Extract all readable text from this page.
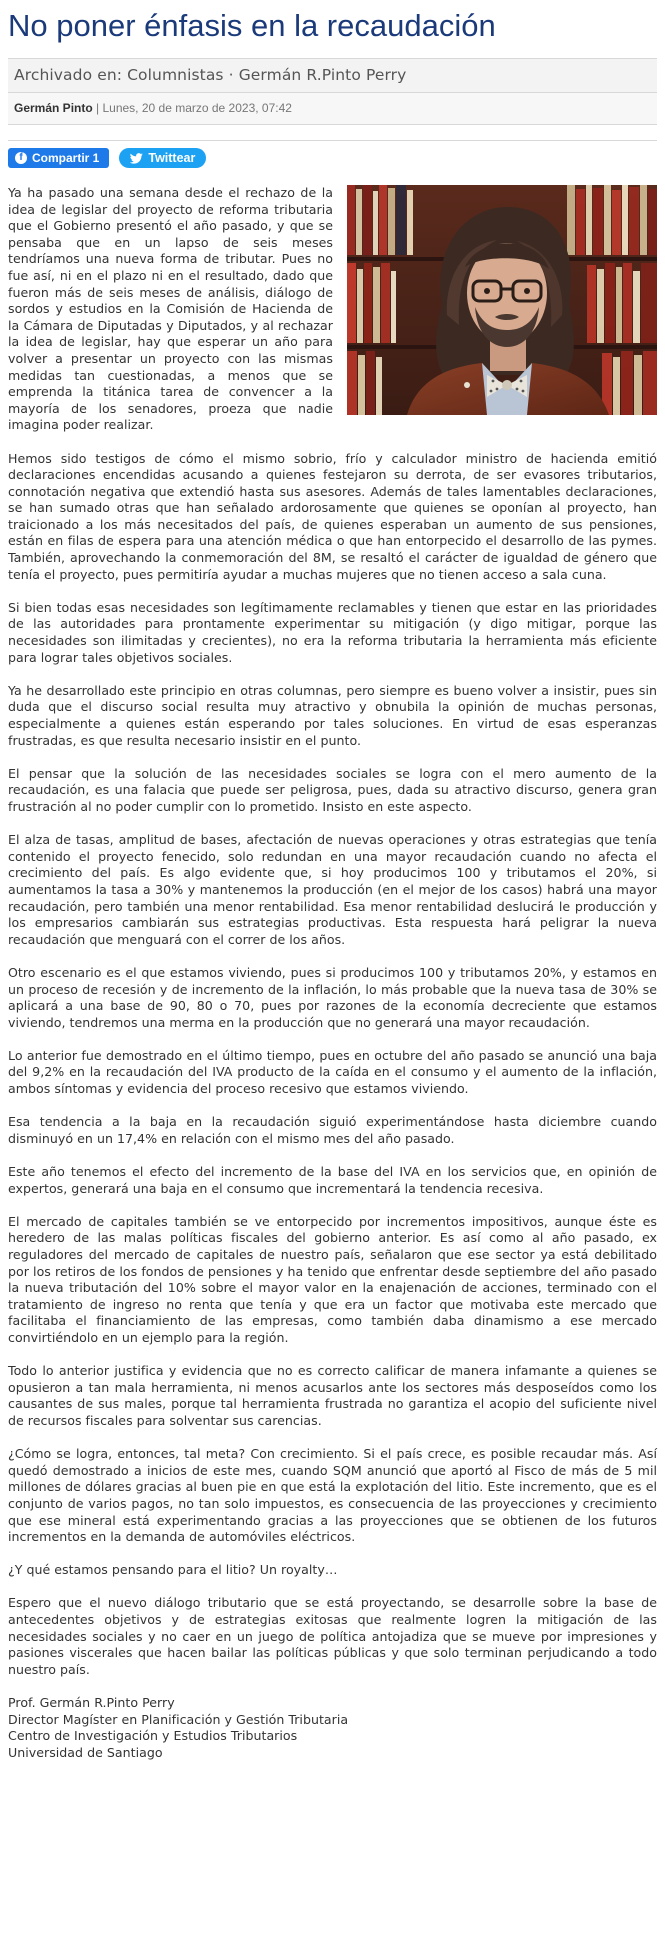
No poner énfasis en la recaudación
Archivado en: Columnistas · Germán R.Pinto Perry
Germán Pinto | Lunes, 20 de marzo de 2023, 07:42
f Compartir 1	Twittear

Ya ha pasado una semana desde el rechazo de la idea de legislar del proyecto de reforma tributaria que el Gobierno presentó el año pasado, y que se pensaba que en un lapso de seis meses tendríamos una nueva forma de tributar. Pues no fue así, ni en el plazo ni en el resultado, dado que fueron más de seis meses de análisis, diálogo de sordos y estudios en la Comisión de Hacienda de la Cámara de Diputadas y Diputados, y al rechazar la idea de legislar, hay que esperar un año para volver a presentar un proyecto con las mismas medidas tan cuestionadas, a menos que se emprenda la titánica tarea de convencer a la mayoría de los senadores, proeza que nadie imagina poder realizar.

Hemos sido testigos de cómo el mismo sobrio, frío y calculador ministro de hacienda emitió declaraciones encendidas acusando a quienes festejaron su derrota, de ser evasores tributarios, connotación negativa que extendió hasta sus asesores. Además de tales lamentables declaraciones, se han sumado otras que han señalado ardorosamente que quienes se oponían al proyecto, han traicionado a los más necesitados del país, de quienes esperaban un aumento de sus pensiones, están en filas de espera para una atención médica o que han entorpecido el desarrollo de las pymes. También, aprovechando la conmemoración del 8M, se resaltó el carácter de igualdad de género que tenía el proyecto, pues permitiría ayudar a muchas mujeres que no tienen acceso a sala cuna.

Si bien todas esas necesidades son legítimamente reclamables y tienen que estar en las prioridades de las autoridades para prontamente experimentar su mitigación (y digo mitigar, porque las necesidades son ilimitadas y crecientes), no era la reforma tributaria la herramienta más eficiente para lograr tales objetivos sociales.

Ya he desarrollado este principio en otras columnas, pero siempre es bueno volver a insistir, pues sin duda que el discurso social resulta muy atractivo y obnubila la opinión de muchas personas, especialmente a quienes están esperando por tales soluciones. En virtud de esas esperanzas frustradas, es que resulta necesario insistir en el punto.

El pensar que la solución de las necesidades sociales se logra con el mero aumento de la recaudación, es una falacia que puede ser peligrosa, pues, dada su atractivo discurso, genera gran frustración al no poder cumplir con lo prometido. Insisto en este aspecto.

El alza de tasas, amplitud de bases, afectación de nuevas operaciones y otras estrategias que tenía contenido el proyecto fenecido, solo redundan en una mayor recaudación cuando no afecta el crecimiento del país. Es algo evidente que, si hoy producimos 100 y tributamos el 20%, si aumentamos la tasa a 30% y mantenemos la producción (en el mejor de los casos) habrá una mayor recaudación, pero también una menor rentabilidad. Esa menor rentabilidad deslucirá le producción y los empresarios cambiarán sus estrategias productivas. Esta respuesta hará peligrar la nueva recaudación que menguará con el correr de los años.

Otro escenario es el que estamos viviendo, pues si producimos 100 y tributamos 20%, y estamos en un proceso de recesión y de incremento de la inflación, lo más probable que la nueva tasa de 30% se aplicará a una base de 90, 80 o 70, pues por razones de la economía decreciente que estamos viviendo, tendremos una merma en la producción que no generará una mayor recaudación.

Lo anterior fue demostrado en el último tiempo, pues en octubre del año pasado se anunció una baja del 9,2% en la recaudación del IVA producto de la caída en el consumo y el aumento de la inflación, ambos síntomas y evidencia del proceso recesivo que estamos viviendo.

Esa tendencia a la baja en la recaudación siguió experimentándose hasta diciembre cuando disminuyó en un 17,4% en relación con el mismo mes del año pasado.

Este año tenemos el efecto del incremento de la base del IVA en los servicios que, en opinión de expertos, generará una baja en el consumo que incrementará la tendencia recesiva.

El mercado de capitales también se ve entorpecido por incrementos impositivos, aunque éste es heredero de las malas políticas fiscales del gobierno anterior. Es así como al año pasado, ex reguladores del mercado de capitales de nuestro país, señalaron que ese sector ya está debilitado por los retiros de los fondos de pensiones y ha tenido que enfrentar desde septiembre del año pasado la nueva tributación del 10% sobre el mayor valor en la enajenación de acciones, terminado con el tratamiento de ingreso no renta que tenía y que era un factor que motivaba este mercado que facilitaba el financiamiento de las empresas, como también daba dinamismo a ese mercado convirtiéndolo en un ejemplo para la región.

Todo lo anterior justifica y evidencia que no es correcto calificar de manera infamante a quienes se opusieron a tan mala herramienta, ni menos acusarlos ante los sectores más desposeídos como los causantes de sus males, porque tal herramienta frustrada no garantiza el acopio del suficiente nivel de recursos fiscales para solventar sus carencias.

¿Cómo se logra, entonces, tal meta? Con crecimiento. Si el país crece, es posible recaudar más. Así quedó demostrado a inicios de este mes, cuando SQM anunció que aportó al Fisco de más de 5 mil millones de dólares gracias al buen pie en que está la explotación del litio. Este incremento, que es el conjunto de varios pagos, no tan solo impuestos, es consecuencia de las proyecciones y crecimiento que ese mineral está experimentando gracias a las proyecciones que se obtienen de los futuros incrementos en la demanda de automóviles eléctricos.

¿Y qué estamos pensando para el litio? Un royalty…

Espero que el nuevo diálogo tributario que se está proyectando, se desarrolle sobre la base de antecedentes objetivos y de estrategias exitosas que realmente logren la mitigación de las necesidades sociales y no caer en un juego de política antojadiza que se mueve por impresiones y pasiones viscerales que hacen bailar las políticas públicas y que solo terminan perjudicando a todo nuestro país.

Prof. Germán R.Pinto Perry

Director Magíster en Planificación y Gestión Tributaria

Centro de Investigación y Estudios Tributarios

Universidad de Santiago
